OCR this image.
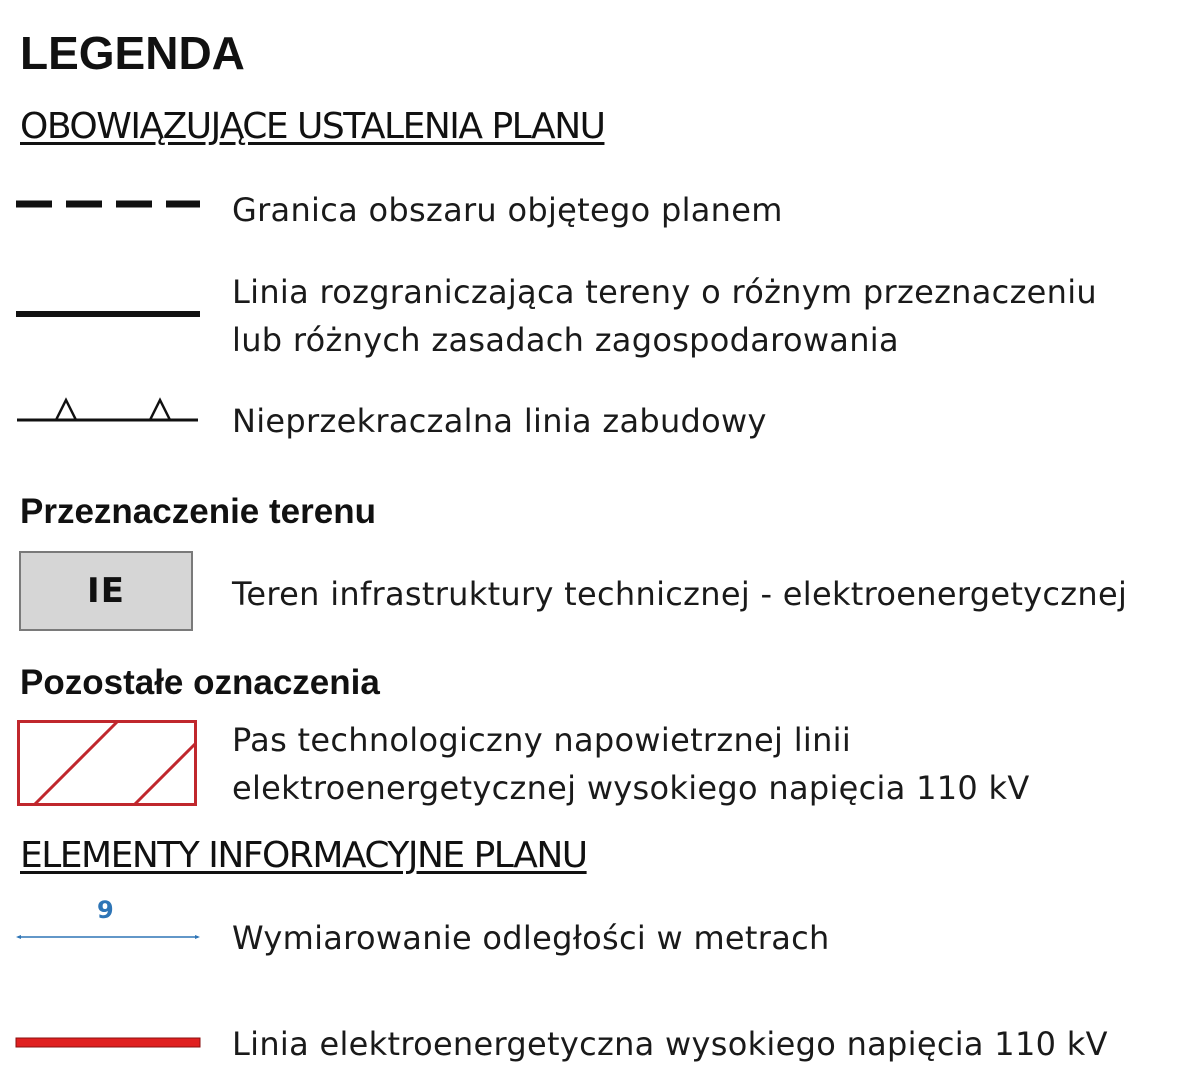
LEGENDA
OBOWIĄZUJĄCE USTALENIA PLANU
Granica obszaru objętego planem
Linia rozgraniczająca tereny o różnym przeznaczeniu
lub różnych zasadach zagospodarowania
Nieprzekraczalna linia zabudowy
Przeznaczenie terenu
IE	Teren infrastruktury technicznej - elektroenergetycznej
Pozostałe oznaczenia
Pas technologiczny napowietrznej linii
elektroenergetycznej wysokiego napięcia 110 kV
ELEMENTY INFORMACYJNE PLANU
9
Wymiarowanie odległości w metrach
Linia elektroenergetyczna wysokiego napięcia 110 kV
